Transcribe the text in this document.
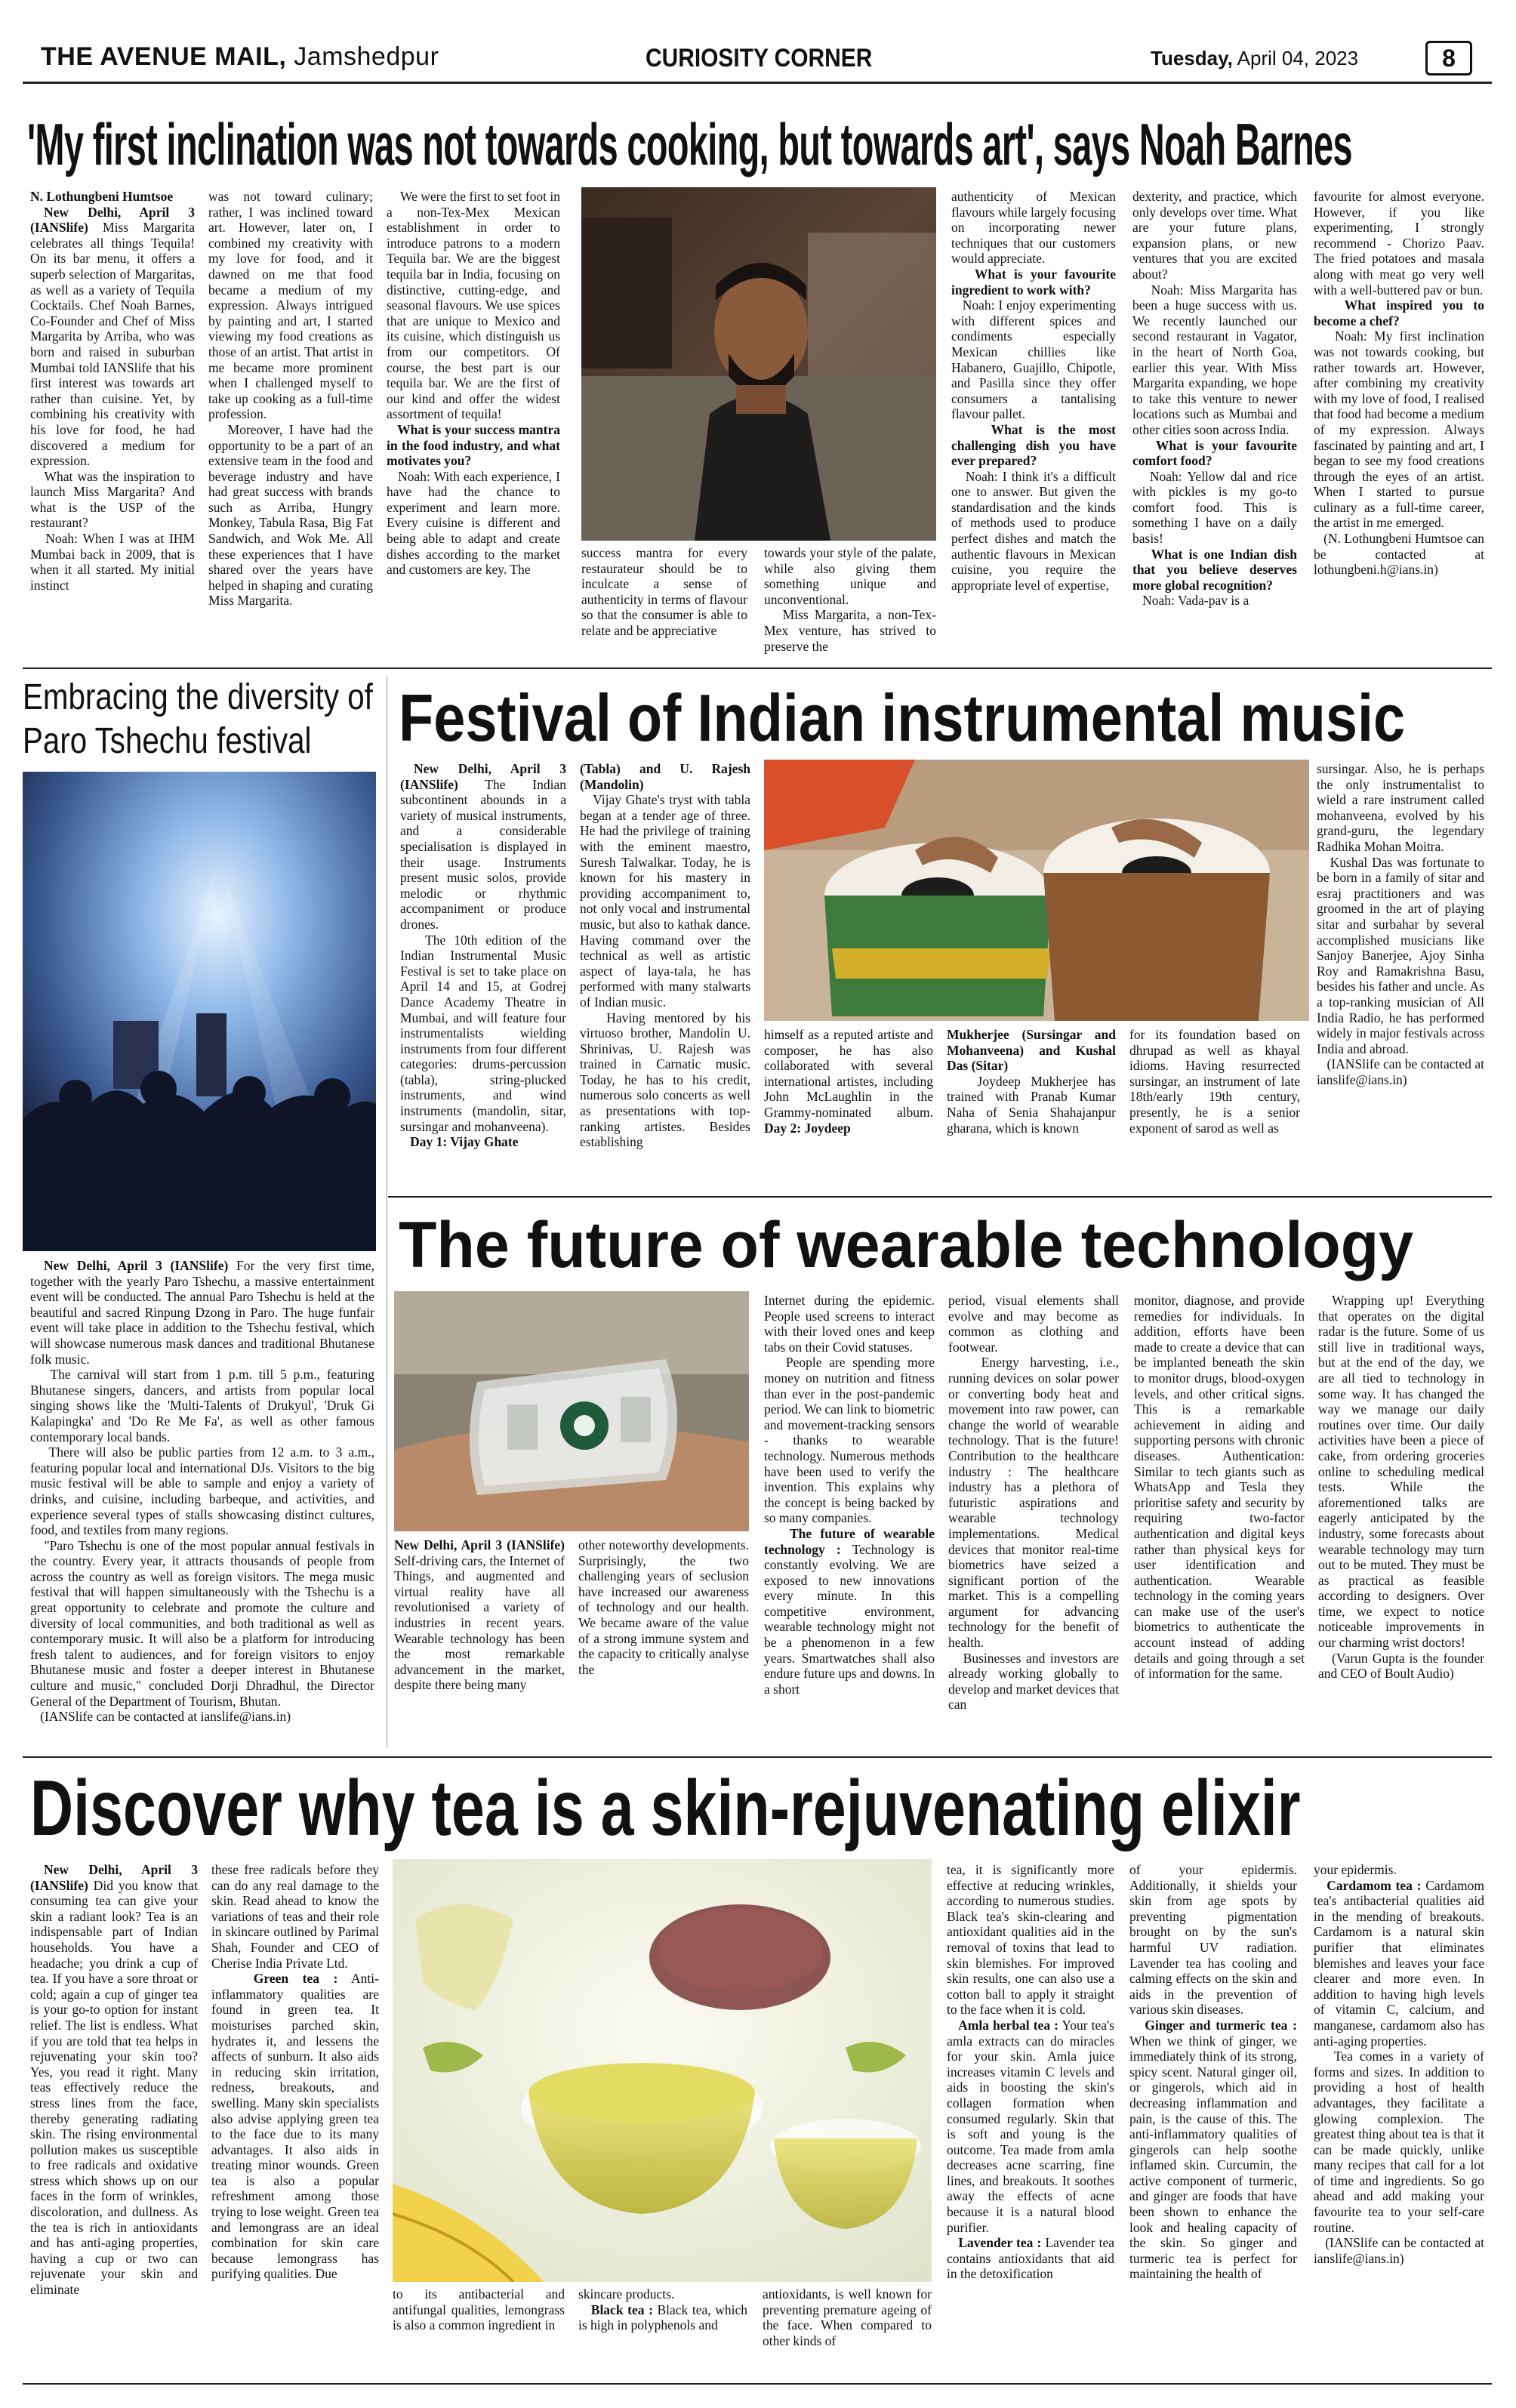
THE AVENUE MAIL, Jamshedpur	CURIOSITY CORNER	Tuesday, April 04, 2023	8
'My first inclination was not towards cooking, but towards art', says Noah Barnes

N. Lothungbeni Humtsoe

New Delhi, April 3 (IANSlife) Miss Margarita celebrates all things Tequila! On its bar menu, it offers a superb selection of Margaritas, as well as a variety of Tequila Cocktails. Chef Noah Barnes, Co-Founder and Chef of Miss Margarita by Arriba, who was born and raised in suburban Mumbai told IANSlife that his first interest was towards art rather than cuisine. Yet, by combining his creativity with his love for food, he had discovered a medium for expression.
What was the inspiration to launch Miss Margarita? And what is the USP of the restaurant?
Noah: When I was at IHM Mumbai back in 2009, that is when it all started. My initial instinct

was not toward culinary; rather, I was inclined toward art. However, later on, I combined my creativity with my love for food, and it dawned on me that food became a medium of my expression. Always intrigued by painting and art, I started viewing my food creations as those of an artist. That artist in me became more prominent when I challenged myself to take up cooking as a full-time profession.
Moreover, I have had the opportunity to be a part of an extensive team in the food and beverage industry and have had great success with brands such as Arriba, Hungry Monkey, Tabula Rasa, Big Fat Sandwich, and Wok Me. All these experiences that I have shared over the years have helped in shaping and curating Miss Margarita.

We were the first to set foot in a non-Tex-Mex Mexican establishment in order to introduce patrons to a modern Tequila bar. We are the biggest tequila bar in India, focusing on distinctive, cutting-edge, and seasonal flavours. We use spices that are unique to Mexico and its cuisine, which distinguish us from our competitors. Of course, the best part is our tequila bar. We are the first of our kind and offer the widest assortment of tequila!
What is your success mantra in the food industry, and what motivates you?
Noah: With each experience, I have had the chance to experiment and learn more. Every cuisine is different and being able to adapt and create dishes according to the market and customers are key. The

success mantra for every restaurateur should be to inculcate a sense of authenticity in terms of flavour so that the consumer is able to relate and be appreciative

towards your style of the palate, while also giving them something unique and unconventional.
Miss Margarita, a non-Tex-Mex venture, has strived to preserve the

authenticity of Mexican flavours while largely focusing on incorporating newer techniques that our customers would appreciate.
What is your favourite ingredient to work with?
Noah: I enjoy experimenting with different spices and condiments especially Mexican chillies like Habanero, Guajillo, Chipotle, and Pasilla since they offer consumers a tantalising flavour pallet.
What is the most challenging dish you have ever prepared?
Noah: I think it's a difficult one to answer. But given the standardisation and the kinds of methods used to produce perfect dishes and match the authentic flavours in Mexican cuisine, you require the appropriate level of expertise,

dexterity, and practice, which only develops over time. What are your future plans, expansion plans, or new ventures that you are excited about?
Noah: Miss Margarita has been a huge success with us. We recently launched our second restaurant in Vagator, in the heart of North Goa, earlier this year. With Miss Margarita expanding, we hope to take this venture to newer locations such as Mumbai and other cities soon across India.
What is your favourite comfort food?
Noah: Yellow dal and rice with pickles is my go-to comfort food. This is something I have on a daily basis!
What is one Indian dish that you believe deserves more global recognition?
Noah: Vada-pav is a

favourite for almost everyone. However, if you like experimenting, I strongly recommend - Chorizo Paav. The fried potatoes and masala along with meat go very well with a well-buttered pav or bun.
What inspired you to become a chef?
Noah: My first inclination was not towards cooking, but rather towards art. However, after combining my creativity with my love of food, I realised that food had become a medium of my expression. Always fascinated by painting and art, I began to see my food creations through the eyes of an artist. When I started to pursue culinary as a full-time career, the artist in me emerged.
(N. Lothungbeni Humtsoe can be contacted at lothungbeni.h@ians.in)

Embracing the diversity of Paro Tshechu festival

New Delhi, April 3 (IANSlife) For the very first time, together with the yearly Paro Tshechu, a massive entertainment event will be conducted. The annual Paro Tshechu is held at the beautiful and sacred Rinpung Dzong in Paro. The huge funfair event will take place in addition to the Tshechu festival, which will showcase numerous mask dances and traditional Bhutanese folk music.
The carnival will start from 1 p.m. till 5 p.m., featuring Bhutanese singers, dancers, and artists from popular local singing shows like the 'Multi-Talents of Drukyul', 'Druk Gi Kalapingka' and 'Do Re Me Fa', as well as other famous contemporary local bands.
There will also be public parties from 12 a.m. to 3 a.m., featuring popular local and international DJs. Visitors to the big music festival will be able to sample and enjoy a variety of drinks, and cuisine, including barbeque, and activities, and experience several types of stalls showcasing distinct cultures, food, and textiles from many regions.
"Paro Tshechu is one of the most popular annual festivals in the country. Every year, it attracts thousands of people from across the country as well as foreign visitors. The mega music festival that will happen simultaneously with the Tshechu is a great opportunity to celebrate and promote the culture and diversity of local communities, and both traditional as well as contemporary music. It will also be a platform for introducing fresh talent to audiences, and for foreign visitors to enjoy Bhutanese music and foster a deeper interest in Bhutanese culture and music," concluded Dorji Dhradhul, the Director General of the Department of Tourism, Bhutan.
(IANSlife can be contacted at ianslife@ians.in)

Festival of Indian instrumental music

New Delhi, April 3 (IANSlife) The Indian subcontinent abounds in a variety of musical instruments, and a considerable specialisation is displayed in their usage. Instruments present music solos, provide melodic or rhythmic accompaniment or produce drones.
The 10th edition of the Indian Instrumental Music Festival is set to take place on April 14 and 15, at Godrej Dance Academy Theatre in Mumbai, and will feature four instrumentalists wielding instruments from four different categories: drums-percussion (tabla), string-plucked instruments, and wind instruments (mandolin, sitar, sursingar and mohanveena).
Day 1: Vijay Ghate

(Tabla) and U. Rajesh (Mandolin)
Vijay Ghate's tryst with tabla began at a tender age of three. He had the privilege of training with the eminent maestro, Suresh Talwalkar. Today, he is known for his mastery in providing accompaniment to, not only vocal and instrumental music, but also to kathak dance. Having command over the technical as well as artistic aspect of laya-tala, he has performed with many stalwarts of Indian music.
Having mentored by his virtuoso brother, Mandolin U. Shrinivas, U. Rajesh was trained in Carnatic music. Today, he has to his credit, numerous solo concerts as well as presentations with top-ranking artistes. Besides establishing

himself as a reputed artiste and composer, he has also collaborated with several international artistes, including John McLaughlin in the Grammy-nominated album. Day 2: Joydeep

Mukherjee (Sursingar and Mohanveena) and Kushal Das (Sitar)
Joydeep Mukherjee has trained with Pranab Kumar Naha of Senia Shahajanpur gharana, which is known

for its foundation based on dhrupad as well as khayal idioms. Having resurrected sursingar, an instrument of late 18th/early 19th century, presently, he is a senior exponent of sarod as well as

sursingar. Also, he is perhaps the only instrumentalist to wield a rare instrument called mohanveena, evolved by his grand-guru, the legendary Radhika Mohan Moitra.
Kushal Das was fortunate to be born in a family of sitar and esraj practitioners and was groomed in the art of playing sitar and surbahar by several accomplished musicians like Sanjoy Banerjee, Ajoy Sinha Roy and Ramakrishna Basu, besides his father and uncle. As a top-ranking musician of All India Radio, he has performed widely in major festivals across India and abroad.
(IANSlife can be contacted at ianslife@ians.in)

The future of wearable technology

New Delhi, April 3 (IANSlife) Self-driving cars, the Internet of Things, and augmented and virtual reality have all revolutionised a variety of industries in recent years. Wearable technology has been the most remarkable advancement in the market, despite there being many

other noteworthy developments. Surprisingly, the two challenging years of seclusion have increased our awareness of technology and our health. We became aware of the value of a strong immune system and the capacity to critically analyse the

Internet during the epidemic. People used screens to interact with their loved ones and keep tabs on their Covid statuses.
People are spending more money on nutrition and fitness than ever in the post-pandemic period. We can link to biometric and movement-tracking sensors - thanks to wearable technology. Numerous methods have been used to verify the invention. This explains why the concept is being backed by so many companies.
The future of wearable technology : Technology is constantly evolving. We are exposed to new innovations every minute. In this competitive environment, wearable technology might not be a phenomenon in a few years. Smartwatches shall also endure future ups and downs. In a short

period, visual elements shall evolve and may become as common as clothing and footwear.
Energy harvesting, i.e., running devices on solar power or converting body heat and movement into raw power, can change the world of wearable technology. That is the future! Contribution to the healthcare industry : The healthcare industry has a plethora of futuristic aspirations and wearable technology implementations. Medical devices that monitor real-time biometrics have seized a significant portion of the market. This is a compelling argument for advancing technology for the benefit of health.
Businesses and investors are already working globally to develop and market devices that can

monitor, diagnose, and provide remedies for individuals. In addition, efforts have been made to create a device that can be implanted beneath the skin to monitor drugs, blood-oxygen levels, and other critical signs. This is a remarkable achievement in aiding and supporting persons with chronic diseases. Authentication: Similar to tech giants such as WhatsApp and Tesla they prioritise safety and security by requiring two-factor authentication and digital keys rather than physical keys for user identification and authentication. Wearable technology in the coming years can make use of the user's biometrics to authenticate the account instead of adding details and going through a set of information for the same.

Wrapping up! Everything that operates on the digital radar is the future. Some of us still live in traditional ways, but at the end of the day, we are all tied to technology in some way. It has changed the way we manage our daily routines over time. Our daily activities have been a piece of cake, from ordering groceries online to scheduling medical tests. While the aforementioned talks are eagerly anticipated by the industry, some forecasts about wearable technology may turn out to be muted. They must be as practical as feasible according to designers. Over time, we expect to notice noticeable improvements in our charming wrist doctors!
(Varun Gupta is the founder and CEO of Boult Audio)

Discover why tea is a skin-rejuvenating elixir

New Delhi, April 3 (IANSlife) Did you know that consuming tea can give your skin a radiant look? Tea is an indispensable part of Indian households. You have a headache; you drink a cup of tea. If you have a sore throat or cold; again a cup of ginger tea is your go-to option for instant relief. The list is endless. What if you are told that tea helps in rejuvenating your skin too? Yes, you read it right. Many teas effectively reduce the stress lines from the face, thereby generating radiating skin. The rising environmental pollution makes us susceptible to free radicals and oxidative stress which shows up on our faces in the form of wrinkles, discoloration, and dullness. As the tea is rich in antioxidants and has anti-aging properties, having a cup or two can rejuvenate your skin and eliminate

these free radicals before they can do any real damage to the skin. Read ahead to know the variations of teas and their role in skincare outlined by Parimal Shah, Founder and CEO of Cherise India Private Ltd.
Green tea : Anti-inflammatory qualities are found in green tea. It moisturises parched skin, hydrates it, and lessens the affects of sunburn. It also aids in reducing skin irritation, redness, breakouts, and swelling. Many skin specialists also advise applying green tea to the face due to its many advantages. It also aids in treating minor wounds. Green tea is also a popular refreshment among those trying to lose weight. Green tea and lemongrass are an ideal combination for skin care because lemongrass has purifying qualities. Due

to its antibacterial and antifungal qualities, lemongrass is also a common ingredient in

skincare products.
Black tea : Black tea, which is high in polyphenols and

antioxidants, is well known for preventing premature ageing of the face. When compared to other kinds of

tea, it is significantly more effective at reducing wrinkles, according to numerous studies. Black tea's skin-clearing and antioxidant qualities aid in the removal of toxins that lead to skin blemishes. For improved skin results, one can also use a cotton ball to apply it straight to the face when it is cold.
Amla herbal tea : Your tea's amla extracts can do miracles for your skin. Amla juice increases vitamin C levels and aids in boosting the skin's collagen formation when consumed regularly. Skin that is soft and young is the outcome. Tea made from amla decreases acne scarring, fine lines, and breakouts. It soothes away the effects of acne because it is a natural blood purifier.
Lavender tea : Lavender tea contains antioxidants that aid in the detoxification

of your epidermis. Additionally, it shields your skin from age spots by preventing pigmentation brought on by the sun's harmful UV radiation. Lavender tea has cooling and calming effects on the skin and aids in the prevention of various skin diseases.
Ginger and turmeric tea : When we think of ginger, we immediately think of its strong, spicy scent. Natural ginger oil, or gingerols, which aid in decreasing inflammation and pain, is the cause of this. The anti-inflammatory qualities of gingerols can help soothe inflamed skin. Curcumin, the active component of turmeric, and ginger are foods that have been shown to enhance the look and healing capacity of the skin. So ginger and turmeric tea is perfect for maintaining the health of

your epidermis.
Cardamom tea : Cardamom tea's antibacterial qualities aid in the mending of breakouts. Cardamom is a natural skin purifier that eliminates blemishes and leaves your face clearer and more even. In addition to having high levels of vitamin C, calcium, and manganese, cardamom also has anti-aging properties.
Tea comes in a variety of forms and sizes. In addition to providing a host of health advantages, they facilitate a glowing complexion. The greatest thing about tea is that it can be made quickly, unlike many recipes that call for a lot of time and ingredients. So go ahead and add making your favourite tea to your self-care routine.
(IANSlife can be contacted at ianslife@ians.in)
